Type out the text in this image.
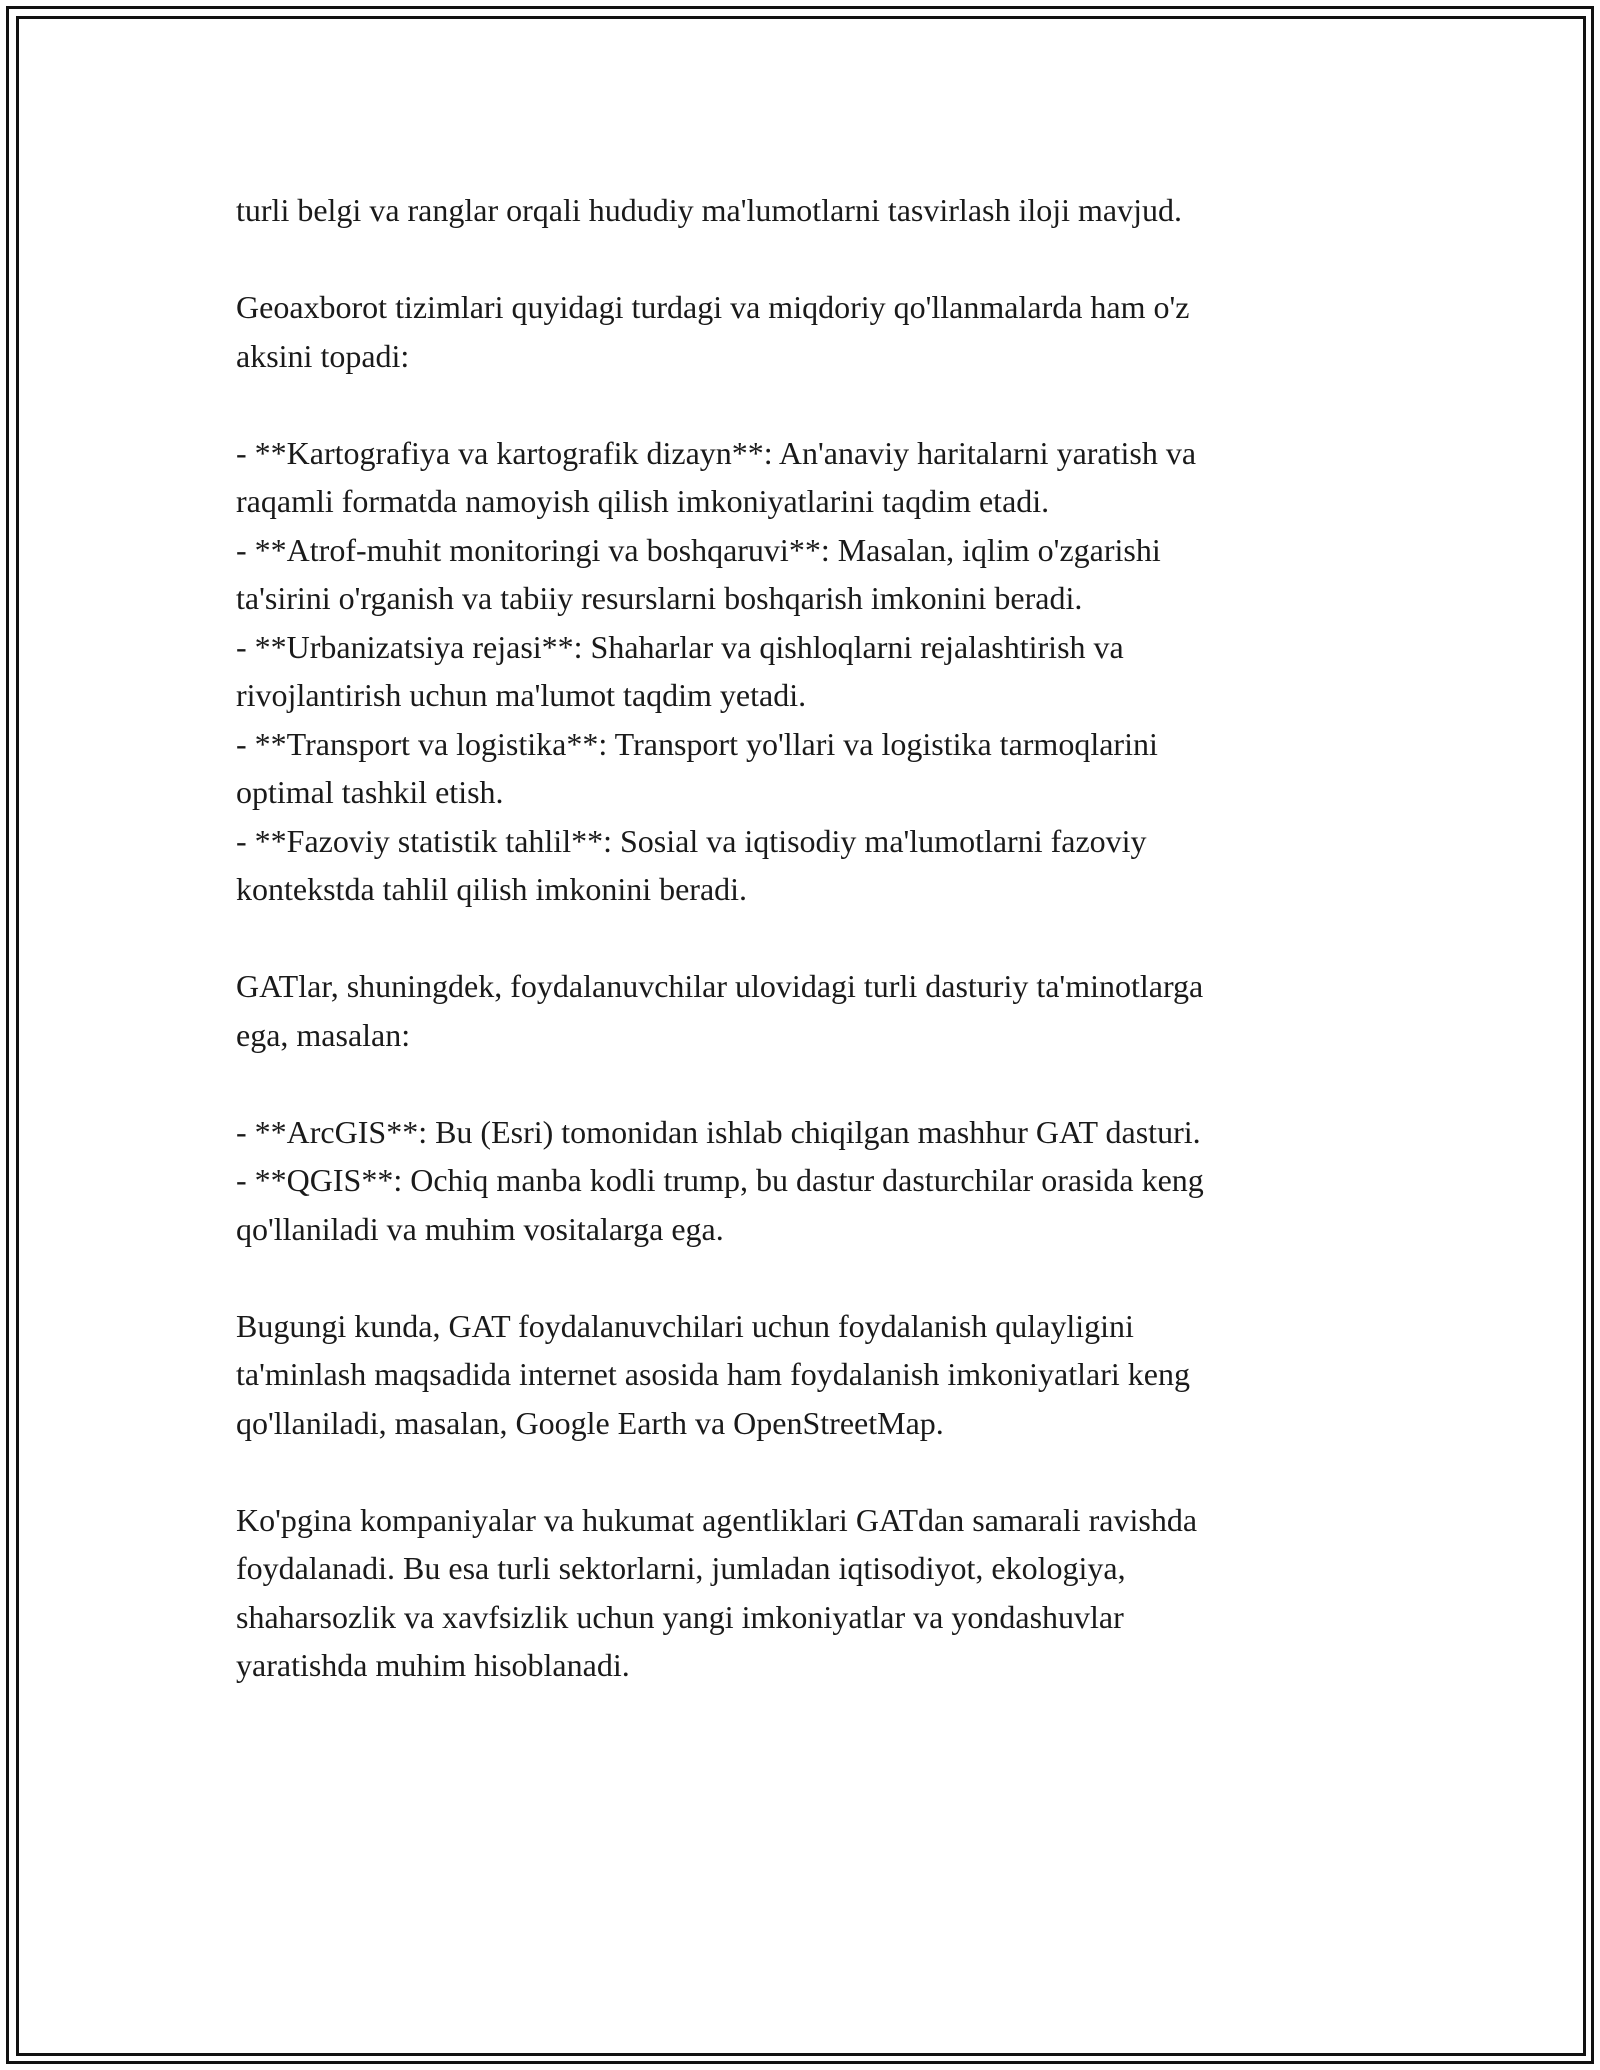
turli belgi va ranglar orqali hududiy ma'lumotlarni tasvirlash iloji mavjud.

Geoaxborot tizimlari quyidagi turdagi va miqdoriy qo'llanmalarda ham o'z
aksini topadi:

- **Kartografiya va kartografik dizayn**: An'anaviy haritalarni yaratish va
raqamli formatda namoyish qilish imkoniyatlarini taqdim etadi.
- **Atrof-muhit monitoringi va boshqaruvi**: Masalan, iqlim o'zgarishi
ta'sirini o'rganish va tabiiy resurslarni boshqarish imkonini beradi.
- **Urbanizatsiya rejasi**: Shaharlar va qishloqlarni rejalashtirish va
rivojlantirish uchun ma'lumot taqdim yetadi.
- **Transport va logistika**: Transport yo'llari va logistika tarmoqlarini
optimal tashkil etish.
- **Fazoviy statistik tahlil**: Sosial va iqtisodiy ma'lumotlarni fazoviy
kontekstda tahlil qilish imkonini beradi.

GATlar, shuningdek, foydalanuvchilar ulovidagi turli dasturiy ta'minotlarga
ega, masalan:

- **ArcGIS**: Bu (Esri) tomonidan ishlab chiqilgan mashhur GAT dasturi.
- **QGIS**: Ochiq manba kodli trump, bu dastur dasturchilar orasida keng
qo'llaniladi va muhim vositalarga ega.

Bugungi kunda, GAT foydalanuvchilari uchun foydalanish qulayligini
ta'minlash maqsadida internet asosida ham foydalanish imkoniyatlari keng
qo'llaniladi, masalan, Google Earth va OpenStreetMap.

Ko'pgina kompaniyalar va hukumat agentliklari GATdan samarali ravishda
foydalanadi. Bu esa turli sektorlarni, jumladan iqtisodiyot, ekologiya,
shaharsozlik va xavfsizlik uchun yangi imkoniyatlar va yondashuvlar
yaratishda muhim hisoblanadi.
